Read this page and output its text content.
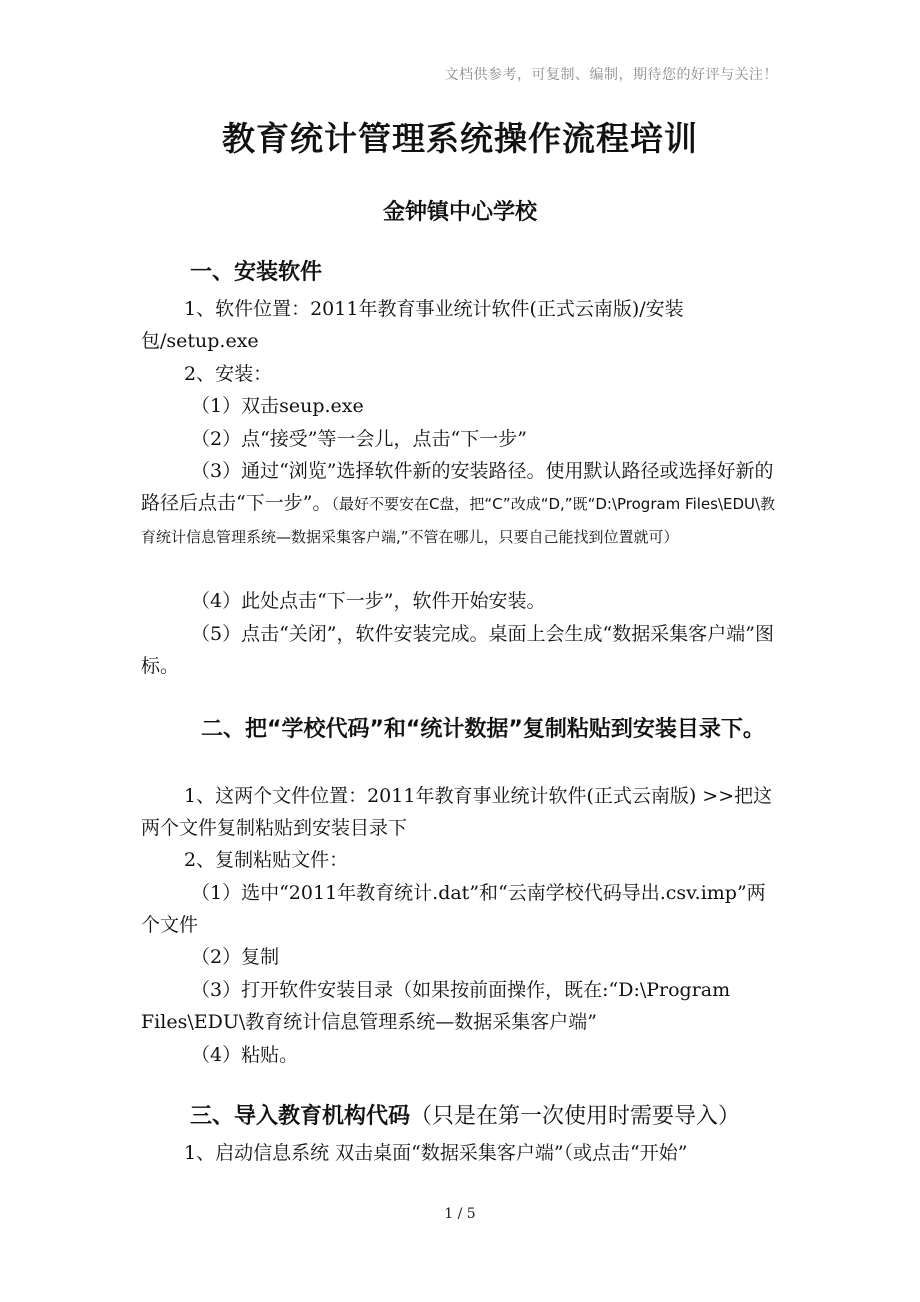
文档供参考，可复制、编制，期待您的好评与关注！
教育统计管理系统操作流程培训
金钟镇中心学校
一、安装软件

1、软件位置：2011年教育事业统计软件(正式云南版)/安装包/setup.exe

2、安装：

（1）双击seup.exe

（2）点“接受”等一会儿，点击“下一步”

（3）通过“浏览”选择软件新的安装路径。使用默认路径或选择好新的路径后点击“下一步”。（最好不要安在C盘，把“C”改成“D,”既“D:\Program Files\EDU\教育统计信息管理系统—数据采集客户端,”不管在哪儿，只要自己能找到位置就可）

（4）此处点击“下一步”，软件开始安装。

（5）点击“关闭”，软件安装完成。桌面上会生成“数据采集客户端”图标。

二、把“学校代码”和“统计数据”复制粘贴到安装目录下。

1、这两个文件位置：2011年教育事业统计软件(正式云南版) >>把这两个文件复制粘贴到安装目录下

2、复制粘贴文件：

（1）选中“2011年教育统计.dat”和“云南学校代码导出.csv.imp”两个文件

（2）复制

（3）打开软件安装目录（如果按前面操作，既在:“D:\Program Files\EDU\教育统计信息管理系统—数据采集客户端”

（4）粘贴。

三、导入教育机构代码（只是在第一次使用时需要导入）

1、启动信息系统 双击桌面“数据采集客户端”（或点击“开始”

1 / 5
